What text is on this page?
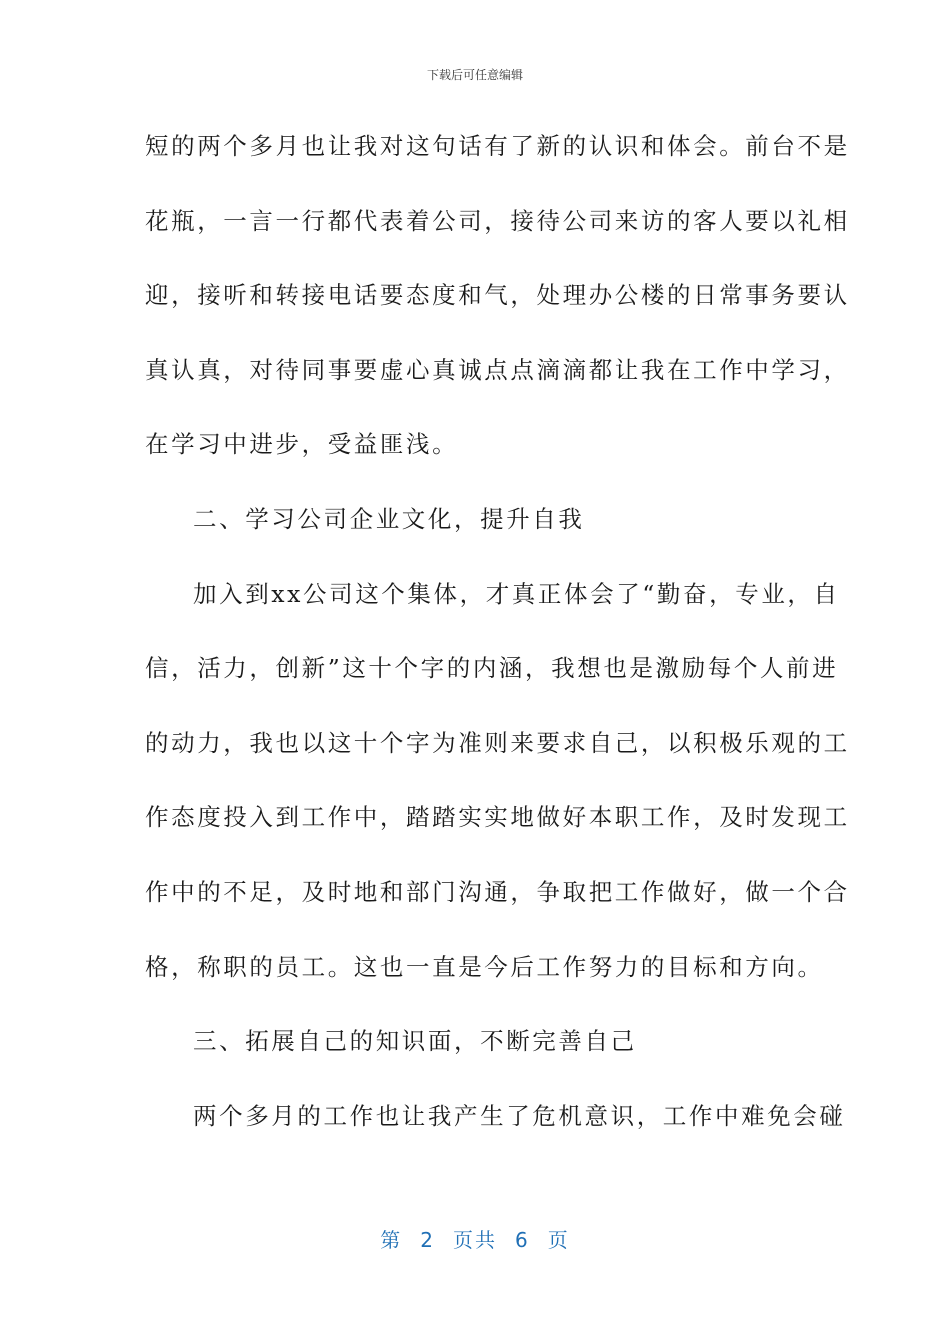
下载后可任意编辑
短的两个多月也让我对这句话有了新的认识和体会。前台不是
花瓶，一言一行都代表着公司，接待公司来访的客人要以礼相
迎，接听和转接电话要态度和气，处理办公楼的日常事务要认
真认真，对待同事要虚心真诚点点滴滴都让我在工作中学习，
在学习中进步，受益匪浅。
二、学习公司企业文化，提升自我
加入到xx公司这个集体，才真正体会了“勤奋，专业，自
信，活力，创新”这十个字的内涵，我想也是激励每个人前进
的动力，我也以这十个字为准则来要求自己，以积极乐观的工
作态度投入到工作中，踏踏实实地做好本职工作，及时发现工
作中的不足，及时地和部门沟通，争取把工作做好，做一个合
格，称职的员工。这也一直是今后工作努力的目标和方向。
三、拓展自己的知识面，不断完善自己
两个多月的工作也让我产生了危机意识，工作中难免会碰
第 2 页共 6 页
